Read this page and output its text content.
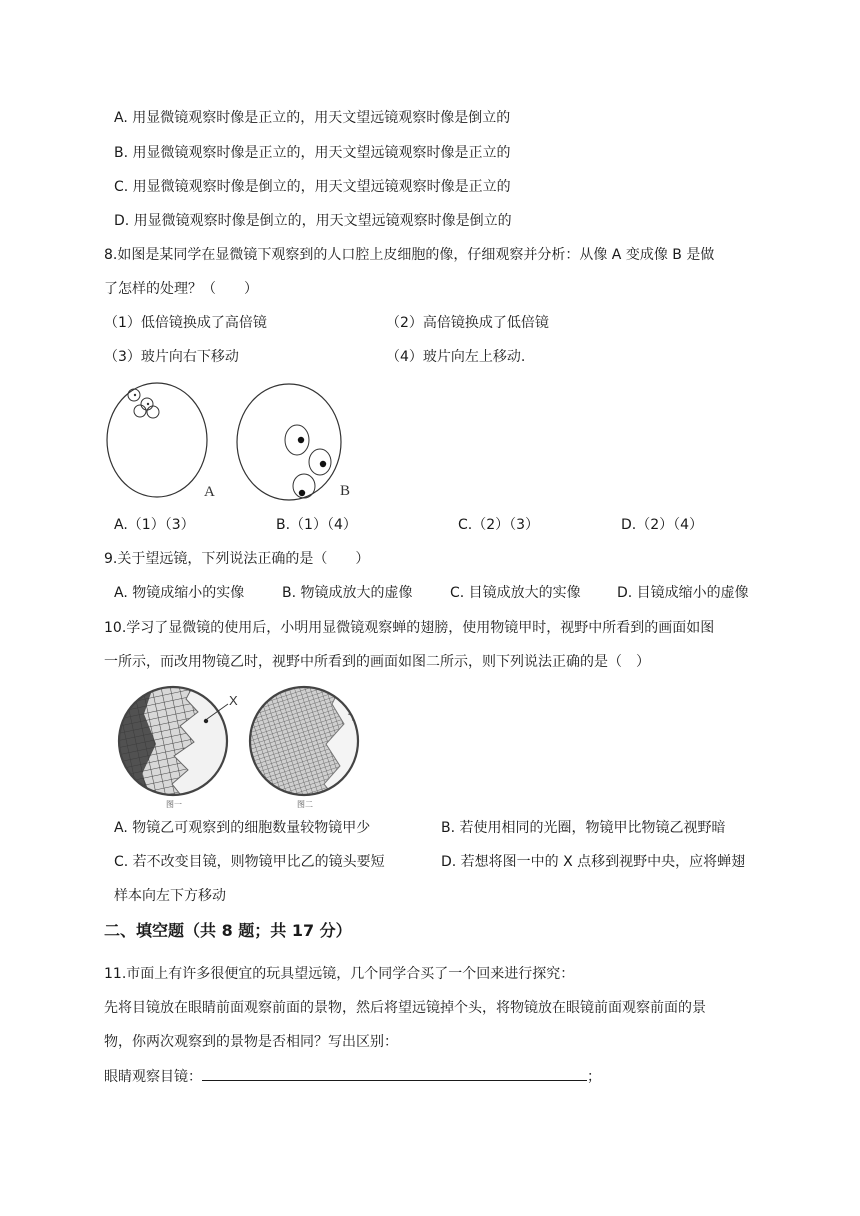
A. 用显微镜观察时像是正立的，用天文望远镜观察时像是倒立的
B. 用显微镜观察时像是正立的，用天文望远镜观察时像是正立的
C. 用显微镜观察时像是倒立的，用天文望远镜观察时像是正立的
D. 用显微镜观察时像是倒立的，用天文望远镜观察时像是倒立的
8.如图是某同学在显微镜下观察到的人口腔上皮细胞的像，仔细观察并分析：从像 A 变成像 B 是做
了怎样的处理？（　　）
（1）低倍镜换成了高倍镜	（2）高倍镜换成了低倍镜
（3）玻片向右下移动	（4）玻片向左上移动.
A	B
A.（1）（3）	B.（1）（4）	C.（2）（3）	D.（2）（4）
9.关于望远镜，下列说法正确的是（　　）
A. 物镜成缩小的实像	B. 物镜成放大的虚像	C. 目镜成放大的实像	D. 目镜成缩小的虚像
10.学习了显微镜的使用后，小明用显微镜观察蝉的翅膀，使用物镜甲时，视野中所看到的画面如图
一所示，而改用物镜乙时，视野中所看到的画面如图二所示，则下列说法正确的是（　）
X
图一	图二
A. 物镜乙可观察到的细胞数量较物镜甲少	B. 若使用相同的光圈，物镜甲比物镜乙视野暗
C. 若不改变目镜，则物镜甲比乙的镜头要短	D. 若想将图一中的 X 点移到视野中央，应将蝉翅
样本向左下方移动
二、填空题（共 8 题；共 17 分）
11.市面上有许多很便宜的玩具望远镜，几个同学合买了一个回来进行探究：
先将目镜放在眼睛前面观察前面的景物，然后将望远镜掉个头，将物镜放在眼镜前面观察前面的景
物，你两次观察到的景物是否相同？写出区别：
眼睛观察目镜：	；
